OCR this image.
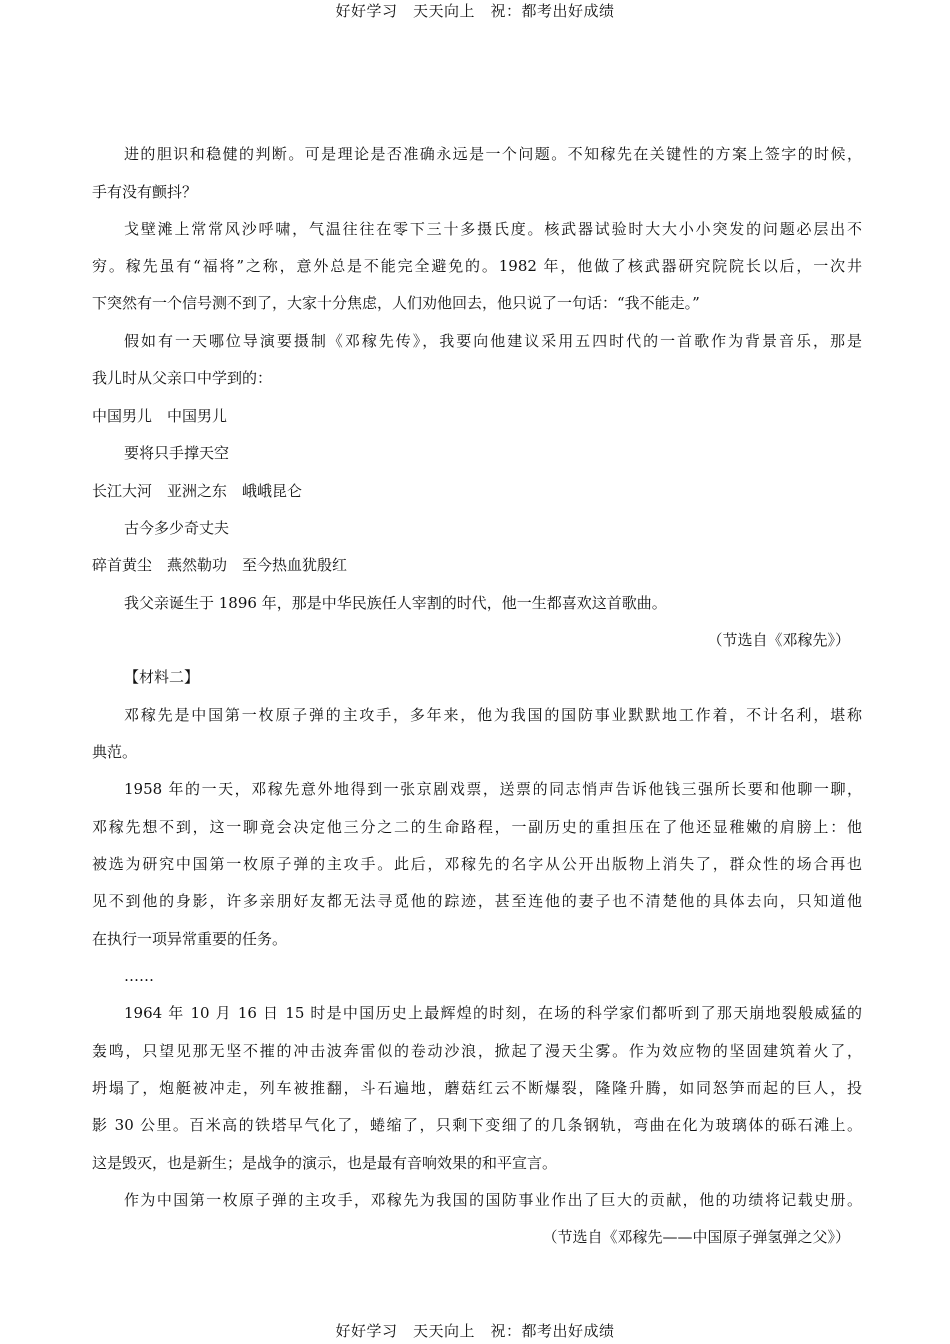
好好学习　天天向上　祝：都考出好成绩
进的胆识和稳健的判断。可是理论是否准确永远是一个问题。不知稼先在关键性的方案上签字的时候，
手有没有颤抖？
戈壁滩上常常风沙呼啸，气温往往在零下三十多摄氏度。核武器试验时大大小小突发的问题必层出不
穷。稼先虽有“福将”之称，意外总是不能完全避免的。1982 年，他做了核武器研究院院长以后，一次井
下突然有一个信号测不到了，大家十分焦虑，人们劝他回去，他只说了一句话：“我不能走。”
假如有一天哪位导演要摄制《邓稼先传》，我要向他建议采用五四时代的一首歌作为背景音乐，那是
我儿时从父亲口中学到的：
中国男儿　中国男儿
要将只手撑天空
长江大河　亚洲之东　峨峨昆仑
古今多少奇丈夫
碎首黄尘　燕然勒功　至今热血犹殷红
我父亲诞生于 1896 年，那是中华民族任人宰割的时代，他一生都喜欢这首歌曲。
（节选自《邓稼先》）
【材料二】
邓稼先是中国第一枚原子弹的主攻手，多年来，他为我国的国防事业默默地工作着，不计名利，堪称
典范。
1958 年的一天，邓稼先意外地得到一张京剧戏票，送票的同志悄声告诉他钱三强所长要和他聊一聊，
邓稼先想不到，这一聊竟会决定他三分之二的生命路程，一副历史的重担压在了他还显稚嫩的肩膀上：他
被选为研究中国第一枚原子弹的主攻手。此后，邓稼先的名字从公开出版物上消失了，群众性的场合再也
见不到他的身影，许多亲朋好友都无法寻觅他的踪迹，甚至连他的妻子也不清楚他的具体去向，只知道他
在执行一项异常重要的任务。
……
1964 年 10 月 16 日 15 时是中国历史上最辉煌的时刻，在场的科学家们都听到了那天崩地裂般威猛的
轰鸣，只望见那无坚不摧的冲击波奔雷似的卷动沙浪，掀起了漫天尘雾。作为效应物的坚固建筑着火了，
坍塌了，炮艇被冲走，列车被推翻，斗石遍地，蘑菇红云不断爆裂，隆隆升腾，如同怒笋而起的巨人，投
影 30 公里。百米高的铁塔早气化了，蜷缩了，只剩下变细了的几条钢轨，弯曲在化为玻璃体的砾石滩上。
这是毁灭，也是新生；是战争的演示，也是最有音响效果的和平宣言。
作为中国第一枚原子弹的主攻手，邓稼先为我国的国防事业作出了巨大的贡献，他的功绩将记载史册。
（节选自《邓稼先——中国原子弹氢弹之父》）
好好学习　天天向上　祝：都考出好成绩
